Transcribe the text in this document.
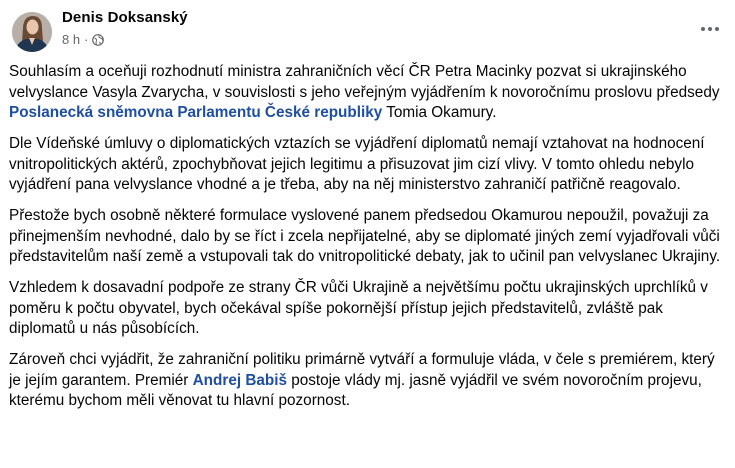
Denis Doksanský
8 h ·

Souhlasím a oceňuji rozhodnutí ministra zahraničních věcí ČR Petra Macinky pozvat si ukrajinského velvyslance Vasyla Zvarycha, v souvislosti s jeho veřejným vyjádřením k novoročnímu proslovu předsedy Poslanecká sněmovna Parlamentu České republiky Tomia Okamury.

Dle Vídeňské úmluvy o diplomatických vztazích se vyjádření diplomatů nemají vztahovat na hodnocení vnitropolitických aktérů, zpochybňovat jejich legitimu a přisuzovat jim cizí vlivy. V tomto ohledu nebylo vyjádření pana velvyslance vhodné a je třeba, aby na něj ministerstvo zahraničí patřičně reagovalo.

Přestože bych osobně některé formulace vyslovené panem předsedou Okamurou nepoužil, považuji za přinejmenším nevhodné, dalo by se říct i zcela nepřijatelné, aby se diplomaté jiných zemí vyjadřovali vůči představitelům naší země a vstupovali tak do vnitropolitické debaty, jak to učinil pan velvyslanec Ukrajiny.

Vzhledem k dosavadní podpoře ze strany ČR vůči Ukrajině a největšímu počtu ukrajinských uprchlíků v poměru k počtu obyvatel, bych očekával spíše pokornější přístup jejich představitelů, zvláště pak diplomatů u nás působících.

Zároveň chci vyjádřit, že zahraniční politiku primárně vytváří a formuluje vláda, v čele s premiérem, který je jejím garantem. Premiér Andrej Babiš postoje vlády mj. jasně vyjádřil ve svém novoročním projevu, kterému bychom měli věnovat tu hlavní pozornost.
